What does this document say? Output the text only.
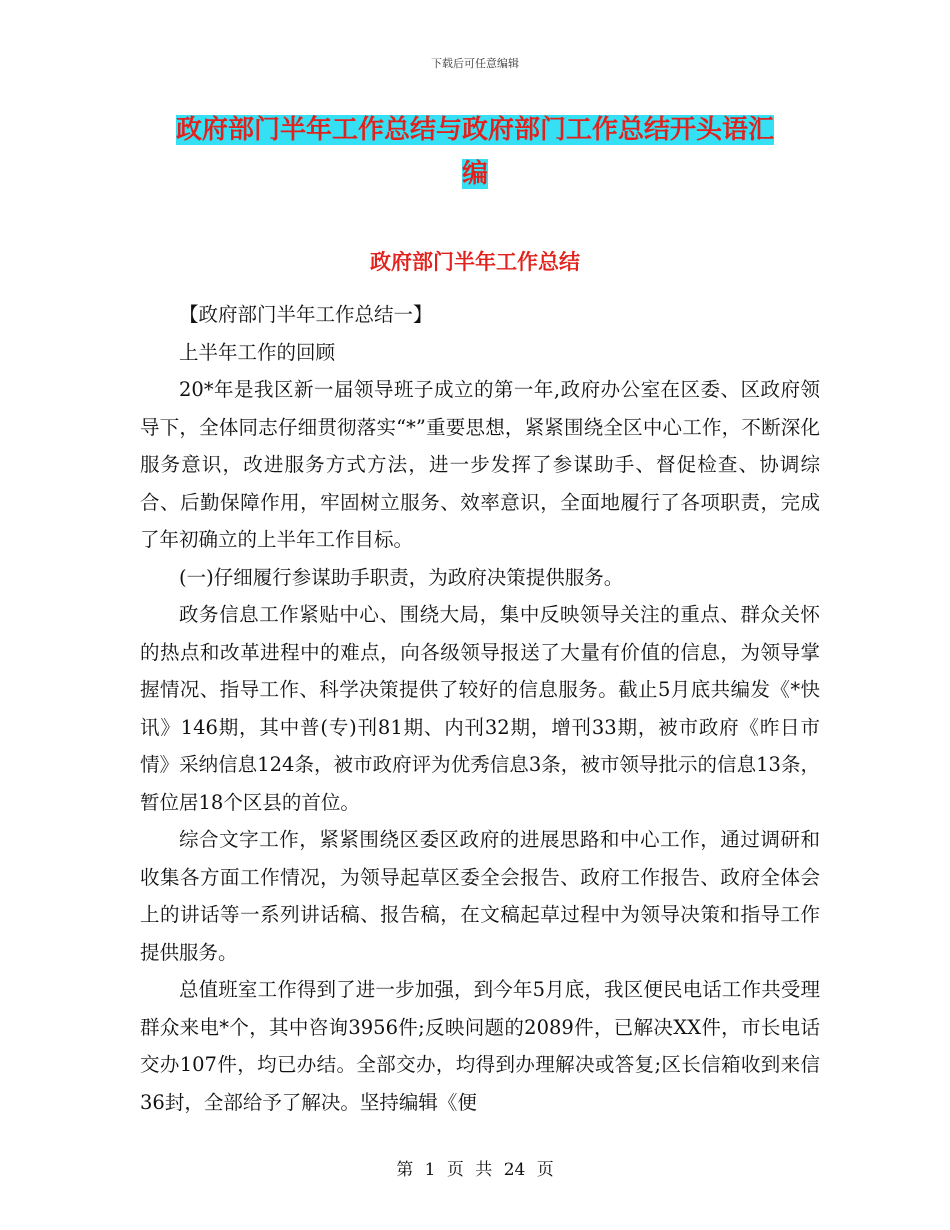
下载后可任意编辑
政府部门半年工作总结与政府部门工作总结开头语汇
编
政府部门半年工作总结

【政府部门半年工作总结一】

上半年工作的回顾

20*年是我区新一届领导班子成立的第一年,政府办公室在区委、区政府领导下，全体同志仔细贯彻落实“*”重要思想，紧紧围绕全区中心工作，不断深化服务意识，改进服务方式方法，进一步发挥了参谋助手、督促检查、协调综合、后勤保障作用，牢固树立服务、效率意识，全面地履行了各项职责，完成了年初确立的上半年工作目标。

(一)仔细履行参谋助手职责，为政府决策提供服务。

政务信息工作紧贴中心、围绕大局，集中反映领导关注的重点、群众关怀的热点和改革进程中的难点，向各级领导报送了大量有价值的信息，为领导掌握情况、指导工作、科学决策提供了较好的信息服务。截止5月底共编发《*快讯》146期，其中普(专)刊81期、内刊32期，增刊33期，被市政府《昨日市情》采纳信息124条，被市政府评为优秀信息3条，被市领导批示的信息13条，暂位居18个区县的首位。

综合文字工作，紧紧围绕区委区政府的进展思路和中心工作，通过调研和收集各方面工作情况，为领导起草区委全会报告、政府工作报告、政府全体会上的讲话等一系列讲话稿、报告稿，在文稿起草过程中为领导决策和指导工作提供服务。

总值班室工作得到了进一步加强，到今年5月底，我区便民电话工作共受理群众来电*个，其中咨询3956件;反映问题的2089件，已解决XX件，市长电话交办107件，均已办结。全部交办，均得到办理解决或答复;区长信箱收到来信36封，全部给予了解决。坚持编辑《便

第 1 页 共 24 页
